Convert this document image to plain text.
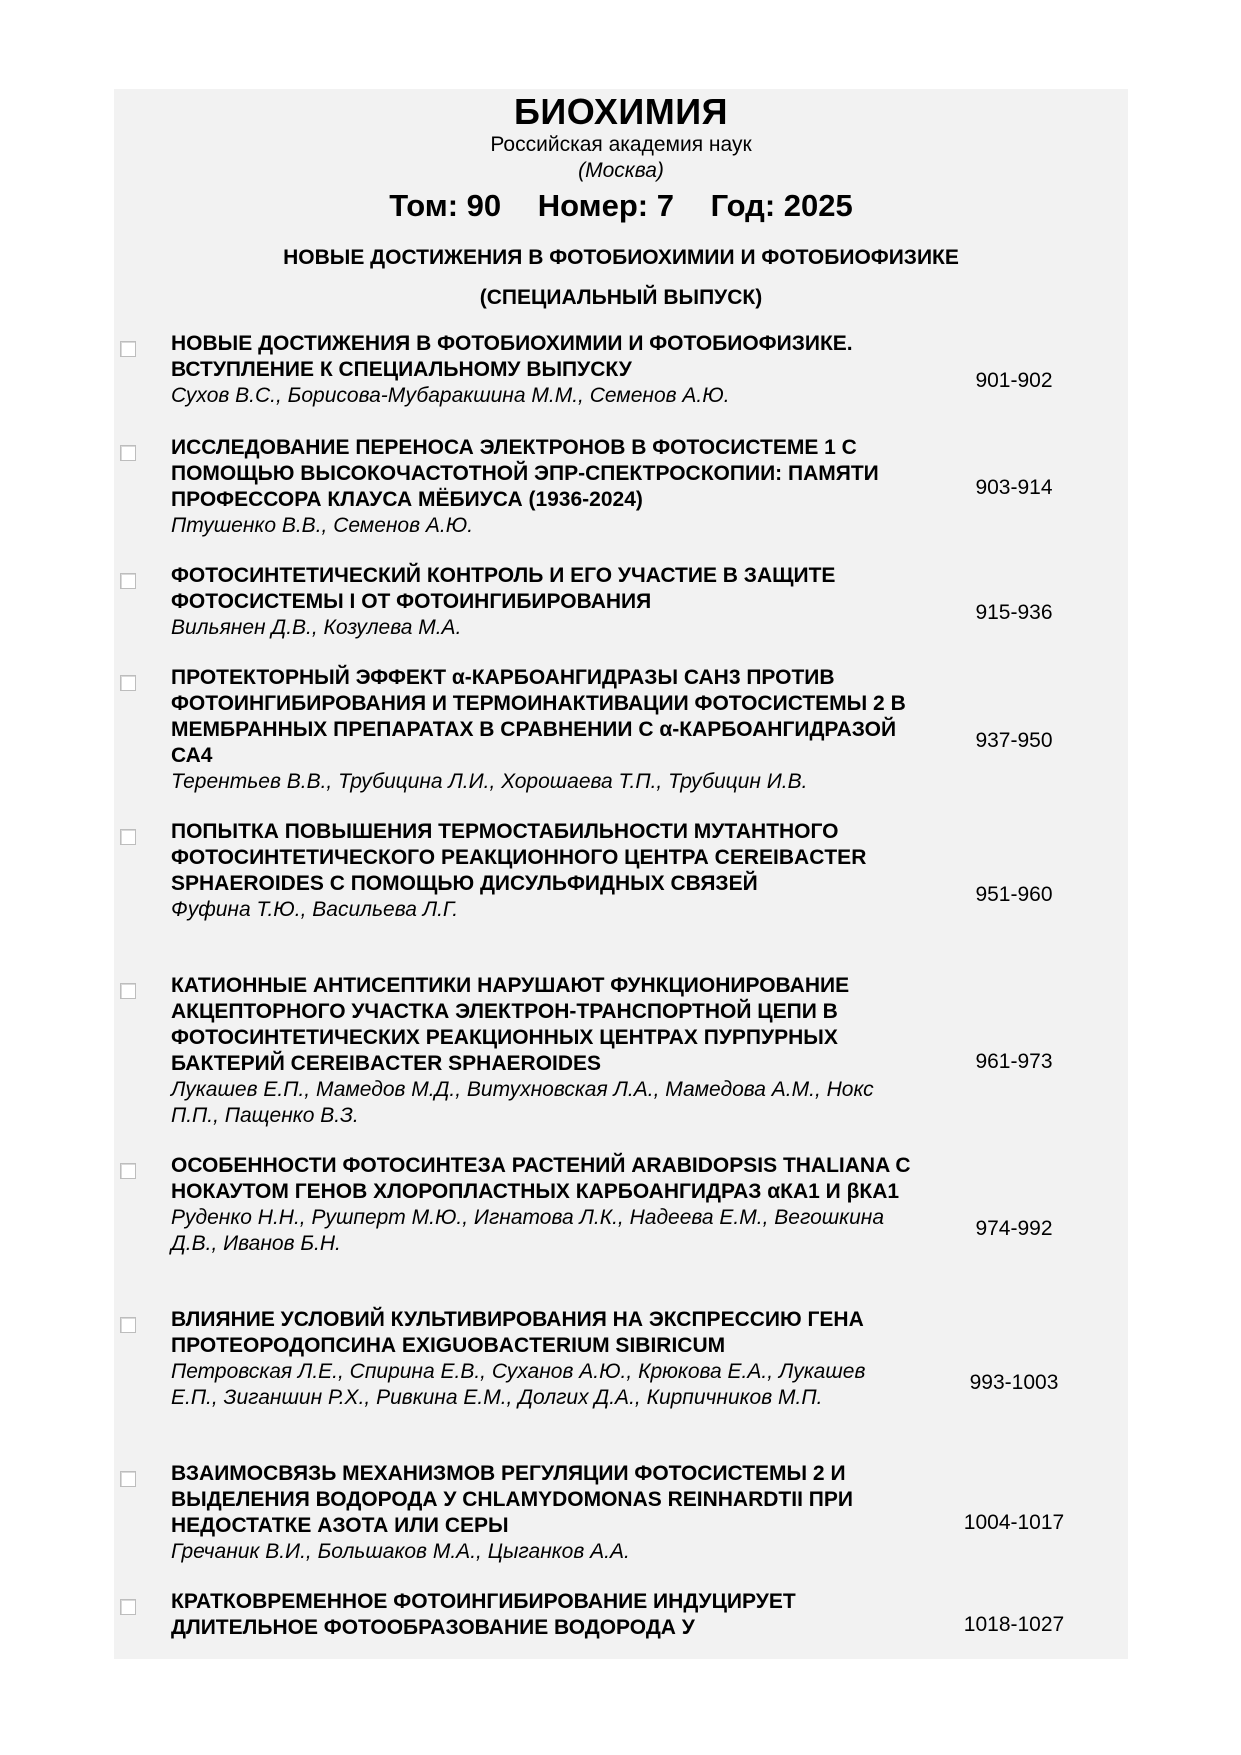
БИОХИМИЯ
Российская академия наук
(Москва)
Том: 90 Номер: 7 Год: 2025
НОВЫЕ ДОСТИЖЕНИЯ В ФОТОБИОХИМИИ И ФОТОБИОФИЗИКЕ
(СПЕЦИАЛЬНЫЙ ВЫПУСК)
НОВЫЕ ДОСТИЖЕНИЯ В ФОТОБИОХИМИИ И ФОТОБИОФИЗИКЕ. ВСТУПЛЕНИЕ К СПЕЦИАЛЬНОМУ ВЫПУСКУ
Сухов В.С., Борисова-Мубаракшина М.М., Семенов А.Ю.
901-902
ИССЛЕДОВАНИЕ ПЕРЕНОСА ЭЛЕКТРОНОВ В ФОТОСИСТЕМЕ 1 С ПОМОЩЬЮ ВЫСОКОЧАСТОТНОЙ ЭПР-СПЕКТРОСКОПИИ: ПАМЯТИ ПРОФЕССОРА КЛАУСА МЁБИУСА (1936-2024)
Птушенко В.В., Семенов А.Ю.
903-914
ФОТОСИНТЕТИЧЕСКИЙ КОНТРОЛЬ И ЕГО УЧАСТИЕ В ЗАЩИТЕ ФОТОСИСТЕМЫ I ОТ ФОТОИНГИБИРОВАНИЯ
Вильянен Д.В., Козулева М.А.
915-936
ПРОТЕКТОРНЫЙ ЭФФЕКТ α-КАРБОАНГИДРАЗЫ САН3 ПРОТИВ ФОТОИНГИБИРОВАНИЯ И ТЕРМОИНАКТИВАЦИИ ФОТОСИСТЕМЫ 2 В МЕМБРАННЫХ ПРЕПАРАТАХ В СРАВНЕНИИ С α-КАРБОАНГИДРАЗОЙ СА4
Терентьев В.В., Трубицина Л.И., Хорошаева Т.П., Трубицин И.В.
937-950
ПОПЫТКА ПОВЫШЕНИЯ ТЕРМОСТАБИЛЬНОСТИ МУТАНТНОГО ФОТОСИНТЕТИЧЕСКОГО РЕАКЦИОННОГО ЦЕНТРА CEREIBACTER SPHAEROIDES С ПОМОЩЬЮ ДИСУЛЬФИДНЫХ СВЯЗЕЙ
Фуфина Т.Ю., Васильева Л.Г.
951-960
КАТИОННЫЕ АНТИСЕПТИКИ НАРУШАЮТ ФУНКЦИОНИРОВАНИЕ АКЦЕПТОРНОГО УЧАСТКА ЭЛЕКТРОН-ТРАНСПОРТНОЙ ЦЕПИ В ФОТОСИНТЕТИЧЕСКИХ РЕАКЦИОННЫХ ЦЕНТРАХ ПУРПУРНЫХ БАКТЕРИЙ CEREIBACTER SPHAEROIDES
Лукашев Е.П., Мамедов М.Д., Витухновская Л.А., Мамедова А.М., Нокс П.П., Пащенко В.З.
961-973
ОСОБЕННОСТИ ФОТОСИНТЕЗА РАСТЕНИЙ ARABIDOPSIS THALIANA С НОКАУТОМ ГЕНОВ ХЛОРОПЛАСТНЫХ КАРБОАНГИДРАЗ αКА1 И βКА1
Руденко Н.Н., Рушперт М.Ю., Игнатова Л.К., Надеева Е.М., Вегошкина Д.В., Иванов Б.Н.
974-992
ВЛИЯНИЕ УСЛОВИЙ КУЛЬТИВИРОВАНИЯ НА ЭКСПРЕССИЮ ГЕНА ПРОТЕОРОДОПСИНА EXIGUOBACTERIUM SIBIRICUM
Петровская Л.Е., Спирина Е.В., Суханов А.Ю., Крюкова Е.А., Лукашев Е.П., Зиганшин Р.Х., Ривкина Е.М., Долгих Д.А., Кирпичников М.П.
993-1003
ВЗАИМОСВЯЗЬ МЕХАНИЗМОВ РЕГУЛЯЦИИ ФОТОСИСТЕМЫ 2 И ВЫДЕЛЕНИЯ ВОДОРОДА У CHLAMYDOMONAS REINHARDTII ПРИ НЕДОСТАТКЕ АЗОТА ИЛИ СЕРЫ
Гречаник В.И., Большаков М.А., Цыганков А.А.
1004-1017
КРАТКОВРЕМЕННОЕ ФОТОИНГИБИРОВАНИЕ ИНДУЦИРУЕТ ДЛИТЕЛЬНОЕ ФОТООБРАЗОВАНИЕ ВОДОРОДА У	1018-1027
